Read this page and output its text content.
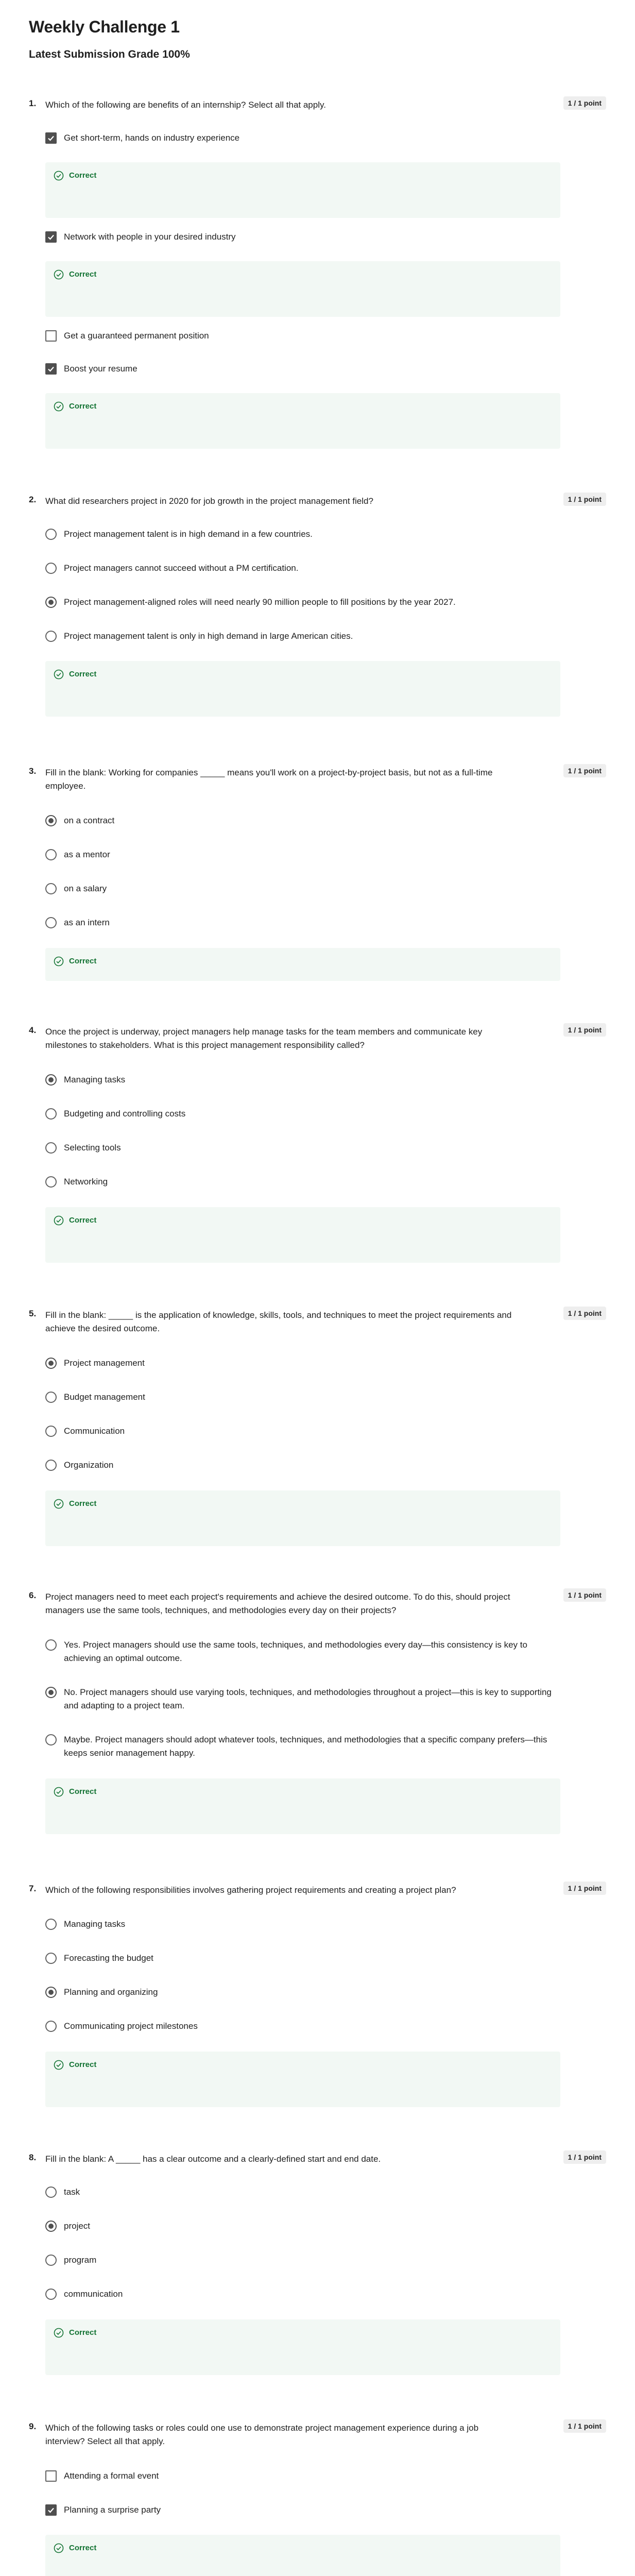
Weekly Challenge 1
Latest Submission Grade 100%
1. Which of the following are benefits of an internship? Select all that apply.	1 / 1 point
Get short-term, hands on industry experience
Correct
Network with people in your desired industry
Correct
Get a guaranteed permanent position
Boost your resume
Correct
2. What did researchers project in 2020 for job growth in the project management field?	1 / 1 point
Project management talent is in high demand in a few countries.
Project managers cannot succeed without a PM certification.
Project management-aligned roles will need nearly 90 million people to fill positions by the year 2027.
Project management talent is only in high demand in large American cities.
Correct
3. Fill in the blank: Working for companies _____ means you'll work on a project-by-project basis, but not as a full-time employee.
1 / 1 point
on a contract
as a mentor
on a salary
as an intern
Correct
4. Once the project is underway, project managers help manage tasks for the team members and communicate key milestones to stakeholders. What is this project management responsibility called?
1 / 1 point
Managing tasks
Budgeting and controlling costs
Selecting tools
Networking
Correct
5. Fill in the blank: _____ is the application of knowledge, skills, tools, and techniques to meet the project requirements and achieve the desired outcome.
1 / 1 point
Project management
Budget management
Communication
Organization
Correct
6. Project managers need to meet each project's requirements and achieve the desired outcome. To do this, should project managers use the same tools, techniques, and methodologies every day on their projects?
1 / 1 point
Yes. Project managers should use the same tools, techniques, and methodologies every day—this consistency is key to achieving an optimal outcome.
No. Project managers should use varying tools, techniques, and methodologies throughout a project—this is key to supporting and adapting to a project team.
Maybe. Project managers should adopt whatever tools, techniques, and methodologies that a specific company prefers—this keeps senior management happy.
Correct
7. Which of the following responsibilities involves gathering project requirements and creating a project plan?	1 / 1 point
Managing tasks
Forecasting the budget
Planning and organizing
Communicating project milestones
Correct
8. Fill in the blank: A _____ has a clear outcome and a clearly-defined start and end date.	1 / 1 point
task
project
program
communication
Correct
9. Which of the following tasks or roles could one use to demonstrate project management experience during a job interview? Select all that apply.
1 / 1 point
Attending a formal event
Planning a surprise party
Correct
